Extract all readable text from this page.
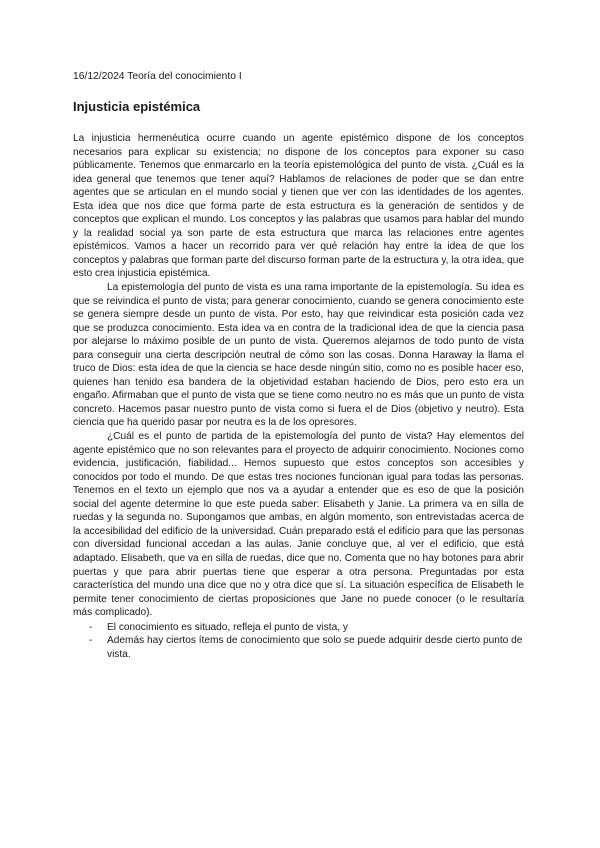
16/12/2024 Teoría del conocimiento I
Injusticia epistémica

La injusticia hermenéutica ocurre cuando un agente epistémico dispone de los conceptos necesarios para explicar su existencia; no dispone de los conceptos para exponer su caso públicamente. Tenemos que enmarcarlo en la teoría epistemológica del punto de vista. ¿Cuál es la idea general que tenemos que tener aquí? Hablamos de relaciones de poder que se dan entre agentes que se articulan en el mundo social y tienen que ver con las identidades de los agentes. Esta idea que nos dice que forma parte de esta estructura es la generación de sentidos y de conceptos que explican el mundo. Los conceptos y las palabras que usamos para hablar del mundo y la realidad social ya son parte de esta estructura que marca las relaciones entre agentes epistémicos. Vamos a hacer un recorrido para ver qué relación hay entre la idea de que los conceptos y palabras que forman parte del discurso forman parte de la estructura y, la otra idea, que esto crea injusticia epistémica.

La epistemología del punto de vista es una rama importante de la epistemología. Su idea es que se reivindica el punto de vista; para generar conocimiento, cuando se genera conocimiento este se genera siempre desde un punto de vista. Por esto, hay que reivindicar esta posición cada vez que se produzca conocimiento. Esta idea va en contra de la tradicional idea de que la ciencia pasa por alejarse lo máximo posible de un punto de vista. Queremos alejarnos de todo punto de vista para conseguir una cierta descripción neutral de cómo son las cosas. Donna Haraway la llama el truco de Dios: esta idea de que la ciencia se hace desde ningún sitio, como no es posible hacer eso, quienes han tenido esa bandera de la objetividad estaban haciendo de Dios, pero esto era un engaño. Afirmaban que el punto de vista que se tiene como neutro no es más que un punto de vista concreto. Hacemos pasar nuestro punto de vista como si fuera el de Dios (objetivo y neutro). Esta ciencia que ha querido pasar por neutra es la de los opresores.

¿Cuál es el punto de partida de la epistemología del punto de vista? Hay elementos del agente epistémico que no son relevantes para el proyecto de adquirir conocimiento. Nociones como evidencia, justificación, fiabilidad... Hemos supuesto que estos conceptos son accesibles y conocidos por todo el mundo. De que estas tres nociones funcionan igual para todas las personas. Tenemos en el texto un ejemplo que nos va a ayudar a entender que es eso de que la posición social del agente determine lo que este pueda saber: Elisabeth y Janie. La primera va en silla de ruedas y la segunda no. Supongamos que ambas, en algún momento, son entrevistadas acerca de la accesibilidad del edificio de la universidad. Cuán preparado está el edificio para que las personas con diversidad funcional accedan a las aulas. Janie concluye que, al ver el edificio, que está adaptado. Elisabeth, que va en silla de ruedas, dice que no. Comenta que no hay botones para abrir puertas y que para abrir puertas tiene que esperar a otra persona. Preguntadas por esta característica del mundo una dice que no y otra dice que sí. La situación específica de Elisabeth le permite tener conocimiento de ciertas proposiciones que Jane no puede conocer (o le resultaría más complicado).

- El conocimiento es situado, refleja el punto de vista, y
- Además hay ciertos ítems de conocimiento que solo se puede adquirir desde cierto punto de vista.
